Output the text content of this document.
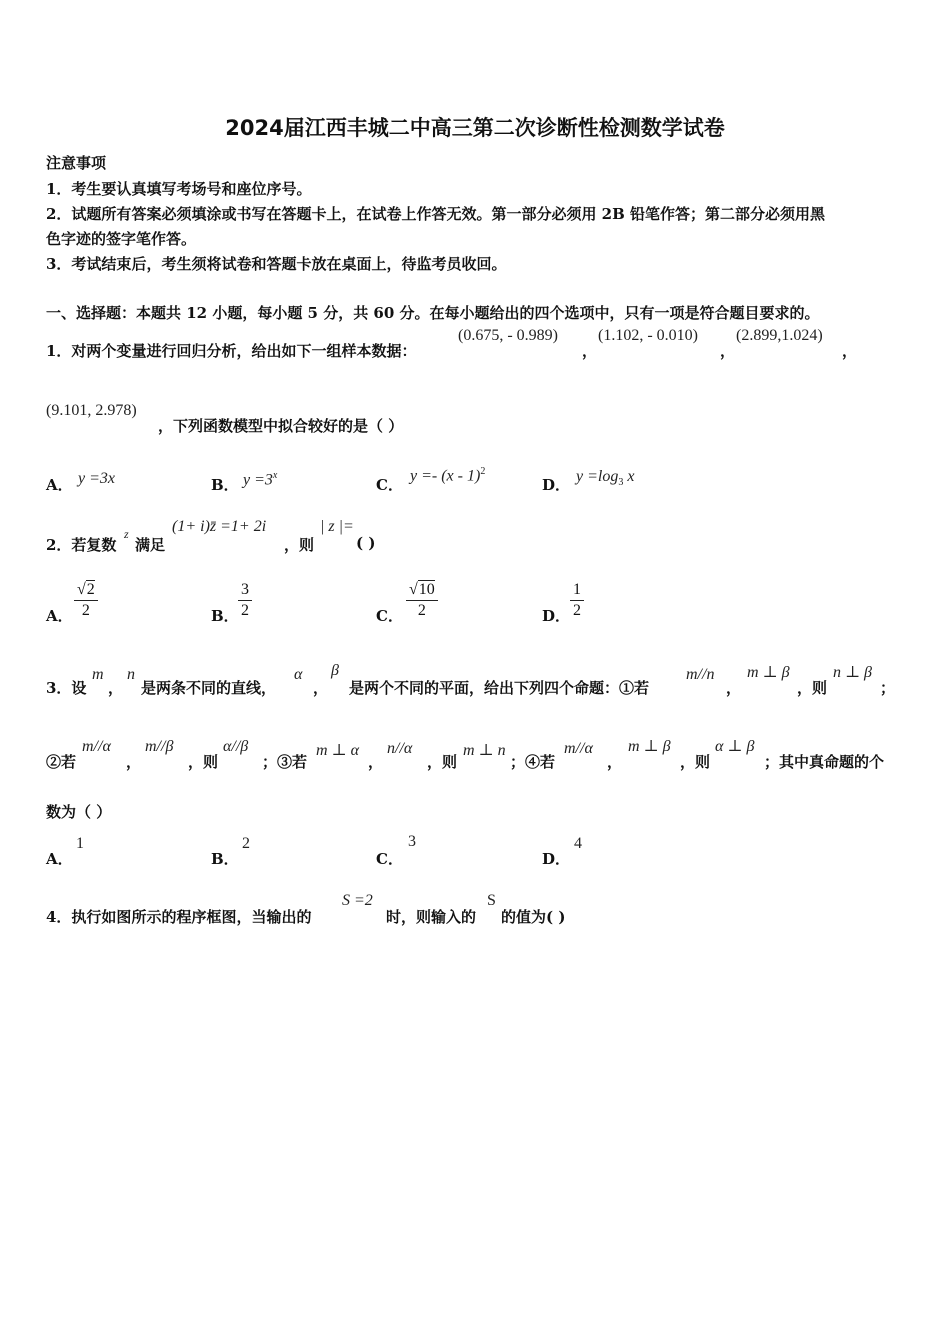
2024届江西丰城二中高三第二次诊断性检测数学试卷
注意事项
1．考生要认真填写考场号和座位序号。
2．试题所有答案必须填涂或书写在答题卡上，在试卷上作答无效。第一部分必须用 2B 铅笔作答；第二部分必须用黑
色字迹的签字笔作答。
3．考试结束后，考生须将试卷和答题卡放在桌面上，待监考员收回。
一、选择题：本题共 12 小题，每小题 5 分，共 60 分。在每小题给出的四个选项中，只有一项是符合题目要求的。
1．对两个变量进行回归分析，给出如下一组样本数据：
(0.675, - 0.989)
，
(1.102, - 0.010)
，
(2.899,1.024)
，
(9.101, 2.978)
，下列函数模型中拟合较好的是（ ）
A． y =3x	B． $y =3^x$
C．
y =- (x - 1)$^2$
D． $y =\log_3$ x
2．若复数
z
满足
(1+ i)z̄ =1+ 2i
，则
| z |=
( )
A． $\frac{√2}{2}$	B． $\frac{3}{2}$	C． $\frac{√10}{2}$	D． $\frac{1}{2}$
3．设
m
，
n
是两条不同的直线，
α
，
β
是两个不同的平面，给出下列四个命题：①若
m//n
，
m ⊥ β
，则
n ⊥ β
；
②若
m//α
，
m//β
，则
α//β
；③若
m ⊥ α
，
n//α
，则
m ⊥ n
；④若
m//α
，
m ⊥ β
，则
α ⊥ β
；其中真命题的个
数为（ ）
A．
1
B．
2
C．
3
D．
4
4．执行如图所示的程序框图，当输出的
S =2
时，则输入的
S
的值为( )
